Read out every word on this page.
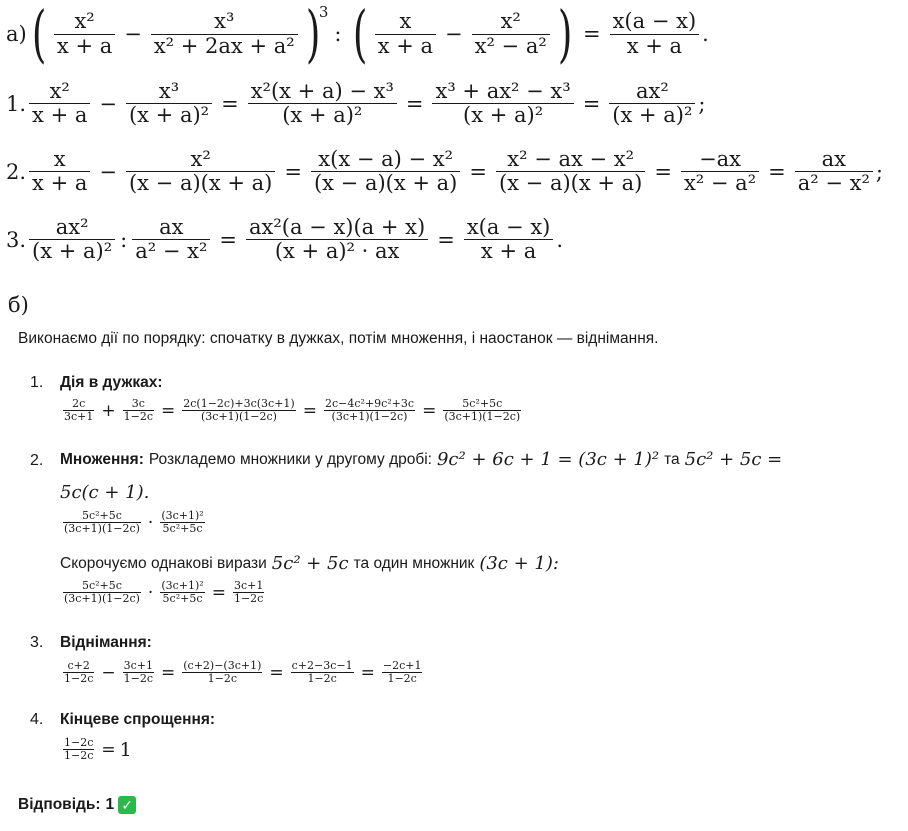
а) ( $\frac{\text{x²}}{x + a} - \frac{\text{x³}}{\text{x² + 2ax + a²}}$ )
3
: ( $\frac{x}{x + a} - \frac{\text{x²}}{\text{x² − a²}}$ ) = $\frac{x(a - x)}{x + a}$ .
1. $\frac{\text{x²}}{x + a} - \frac{\text{x³}}{\text{(x + a)²}} = \frac{\text{x²(x + a) − x³}}{\text{(x + a)²}} = \frac{\text{x³ + ax² − x³}}{\text{(x + a)²}} = \frac{\text{ax²}}{\text{(x + a)²}}$ ;
2. $\frac{x}{x + a} - \frac{\text{x²}}{(x - a)(x + a)} = \frac{\text{x(x − a) − x²}}{(x - a)(x + a)} = \frac{\text{x² − ax − x²}}{(x - a)(x + a)} = \frac{-ax}{\text{x² − a²}} = \frac{ax}{\text{a² − x²}}$ ;
3. $\frac{\text{ax²}}{\text{(x + a)²}}$ : $\frac{ax}{\text{a² − x²}} = \frac{\text{ax²(a − x)(a + x)}}{\text{(x + a)² · ax}} = \frac{x(a - x)}{x + a}$ .
б)
Виконаємо дії по порядку: спочатку в дужках, потім множення, і наостанок — віднімання.
1. Дія в дужках:
$\frac{2c}{3c+1} + \frac{3c}{1-2c} = \frac{2c(1-2c)+3c(3c+1)}{(3c+1)(1-2c)} = \frac{\text{2c−4c²+9c²+3c}}{(3c+1)(1-2c)} = \frac{\text{5c²+5c}}{(3c+1)(1-2c)}$
2. Множення: Розкладемо множники у другому дробі: 9c² + 6c + 1 = (3c + 1)² та 5c² + 5c =
5c(c + 1).
$\frac{\text{5c²+5c}}{(3c+1)(1-2c)} \cdot \frac{\text{(3c+1)²}}{\text{5c²+5c}}$
Скорочуємо однакові вирази 5c² + 5c та один множник (3c + 1):
$\frac{\text{5c²+5c}}{(3c+1)(1-2c)} \cdot \frac{\text{(3c+1)²}}{\text{5c²+5c}} = \frac{3c+1}{1-2c}$
3. Віднімання:
$\frac{c+2}{1-2c} - \frac{3c+1}{1-2c} = \frac{(c+2)-(3c+1)}{1-2c} = \frac{c+2-3c-1}{1-2c} = \frac{-2c+1}{1-2c}$
4. Кінцеве спрощення:
$\frac{1-2c}{1-2c} = 1$
Відповідь: 1 ✓
